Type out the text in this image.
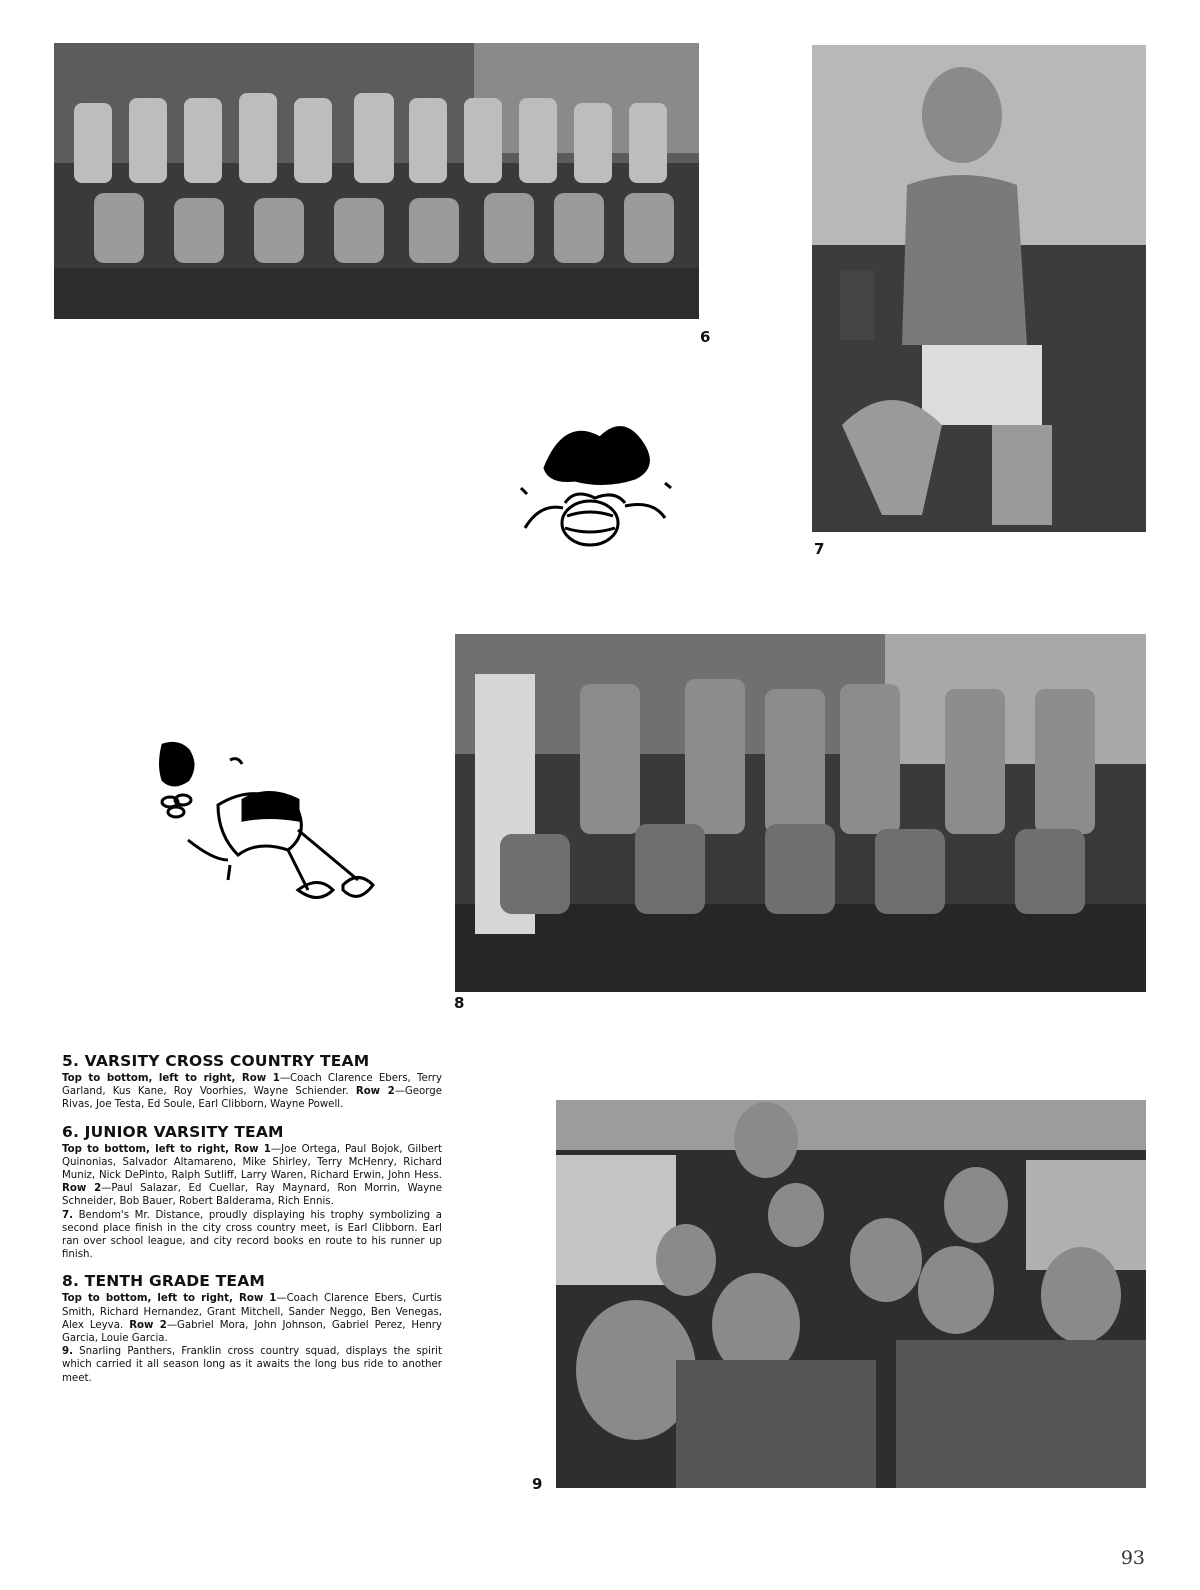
6
7
8
9
5. VARSITY CROSS COUNTRY TEAM

Top to bottom, left to right, Row 1—Coach Clarence Ebers, Terry Garland, Kus Kane, Roy Voorhies, Wayne Schiender. Row 2—George Rivas, Joe Testa, Ed Soule, Earl Clibborn, Wayne Powell.

6. JUNIOR VARSITY TEAM

Top to bottom, left to right, Row 1—Joe Ortega, Paul Bojok, Gilbert Quinonias, Salvador Altamareno, Mike Shirley, Terry McHenry, Richard Muniz, Nick DePinto, Ralph Sutliff, Larry Waren, Richard Erwin, John Hess. Row 2—Paul Salazar, Ed Cuellar, Ray Maynard, Ron Morrin, Wayne Schneider, Bob Bauer, Robert Balderama, Rich Ennis.
7. Bendom's Mr. Distance, proudly displaying his trophy symbolizing a second place finish in the city cross country meet, is Earl Clibborn. Earl ran over school league, and city record books en route to his runner up finish.

8. TENTH GRADE TEAM

Top to bottom, left to right, Row 1—Coach Clarence Ebers, Curtis Smith, Richard Hernandez, Grant Mitchell, Sander Neggo, Ben Venegas, Alex Leyva. Row 2—Gabriel Mora, John Johnson, Gabriel Perez, Henry Garcia, Louie Garcia.
9. Snarling Panthers, Franklin cross country squad, displays the spirit which carried it all season long as it awaits the long bus ride to another meet.

93
